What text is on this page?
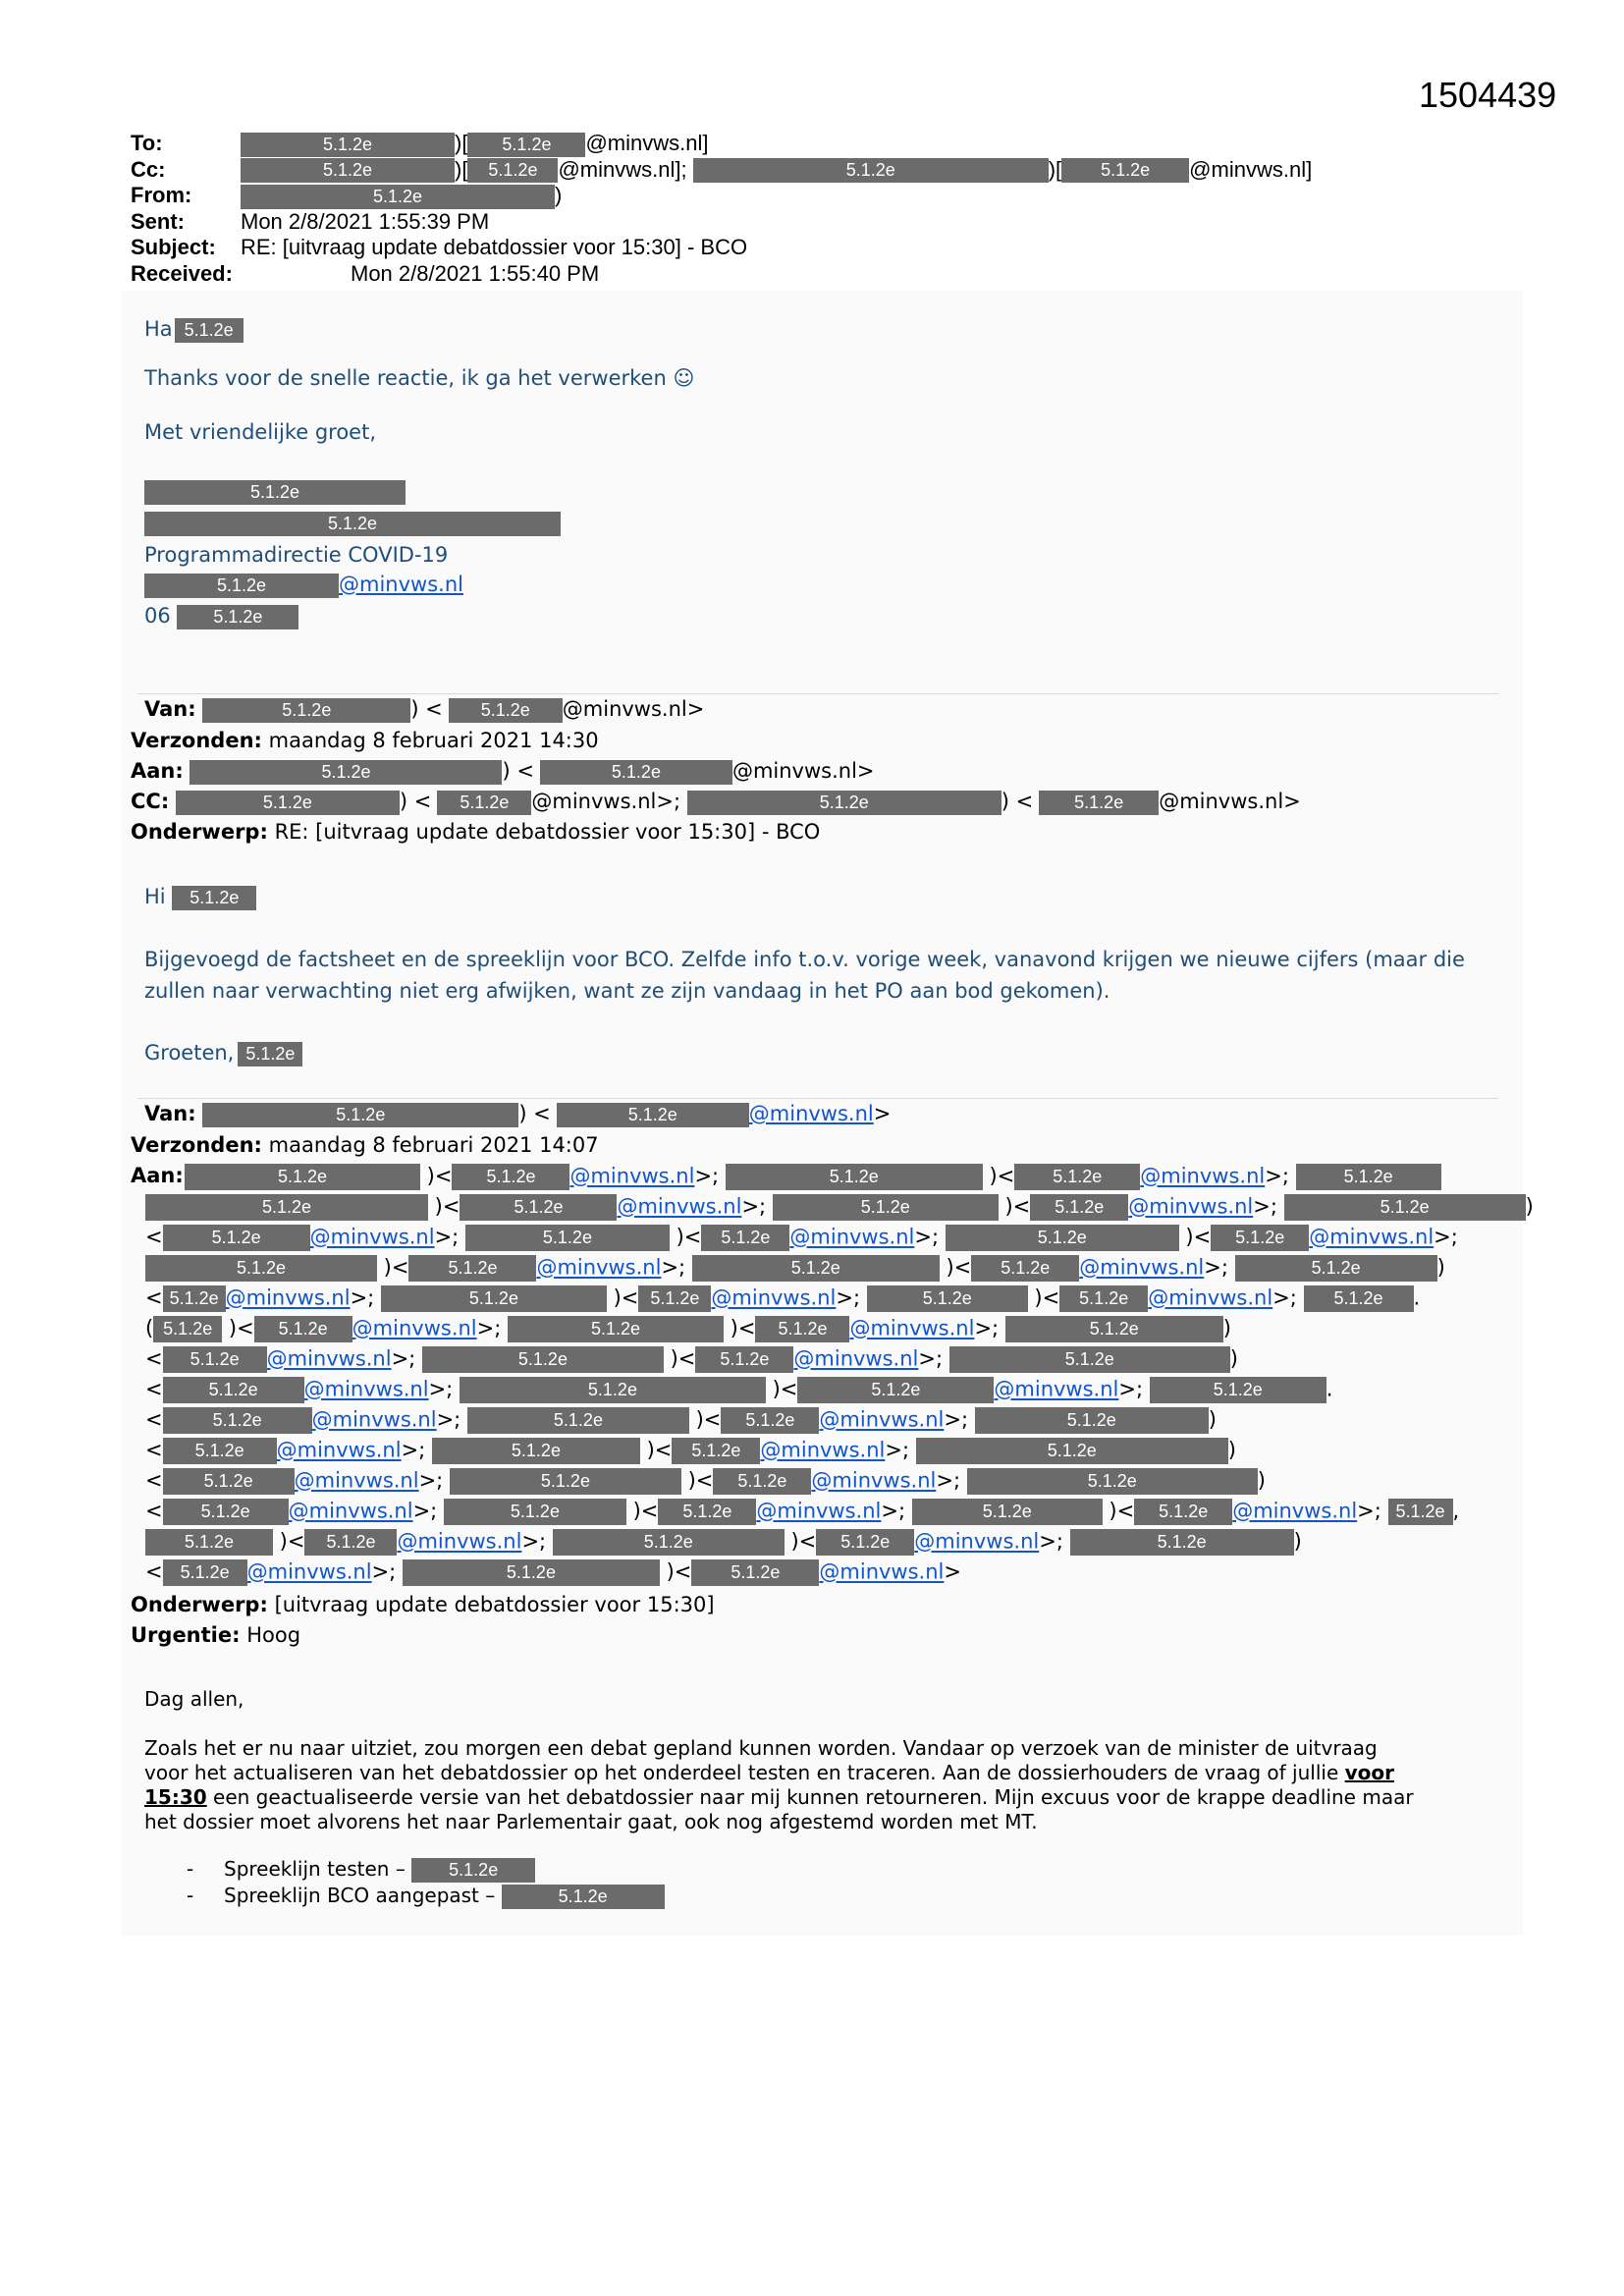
1504439
To:	5.1.2e	)[ 5.1.2e @minvws.nl]
Cc:	5.1.2e	)[ 5.1.2e @minvws.nl];	5.1.2e	)[ 5.1.2e @minvws.nl]
From:	5.1.2e	)
Sent:	Mon 2/8/2021 1:55:39 PM
Subject: RE: [uitvraag update debatdossier voor 15:30] - BCO
Received:	Mon 2/8/2021 1:55:40 PM
Ha 5.1.2e
Thanks voor de snelle reactie, ik ga het verwerken ☺
Met vriendelijke groet,
5.1.2e
5.1.2e
Programmadirectie COVID-19
5.1.2e	@minvws.nl
06 5.1.2e
Van:	5.1.2e	) < 5.1.2e @minvws.nl>
Verzonden: maandag 8 februari 2021 14:30
Aan:	5.1.2e	) <	5.1.2e	@minvws.nl>
CC:	5.1.2e	) < 5.1.2e @minvws.nl>;	5.1.2e	) < 5.1.2e @minvws.nl>
Onderwerp: RE: [uitvraag update debatdossier voor 15:30] - BCO
Hi 5.1.2e
Bijgevoegd de factsheet en de spreeklijn voor BCO. Zelfde info t.o.v. vorige week, vanavond krijgen we nieuwe cijfers (maar die
zullen naar verwachting niet erg afwijken, want ze zijn vandaag in het PO aan bod gekomen).
Groeten, 5.1.2e
Van:	5.1.2e	) <	5.1.2e	@minvws.nl>
Verzonden: maandag 8 februari 2021 14:07
Aan:	5.1.2e	)< 5.1.2e @minvws.nl>;	5.1.2e	)< 5.1.2e @minvws.nl>;	5.1.2e
5.1.2e	)<	5.1.2e	@minvws.nl>;	5.1.2e	)< 5.1.2e @minvws.nl>;	5.1.2e	)
<	5.1.2e @minvws.nl>;	5.1.2e	)< 5.1.2e @minvws.nl>;	5.1.2e	)< 5.1.2e @minvws.nl>;
5.1.2e	)< 5.1.2e @minvws.nl>;	5.1.2e	)< 5.1.2e @minvws.nl>;	5.1.2e	)
< 5.1.2e @minvws.nl>;	5.1.2e	)< 5.1.2e @minvws.nl>;	5.1.2e	)< 5.1.2e @minvws.nl>; 5.1.2e .
( 5.1.2e )< 5.1.2e @minvws.nl>;	5.1.2e	)< 5.1.2e @minvws.nl>;	5.1.2e	)
< 5.1.2e @minvws.nl>;	5.1.2e	)< 5.1.2e @minvws.nl>;	5.1.2e	)
<	5.1.2e @minvws.nl>;	5.1.2e	)<	5.1.2e	@minvws.nl>;	5.1.2e	.
<	5.1.2e @minvws.nl>;	5.1.2e	)< 5.1.2e @minvws.nl>;	5.1.2e	)
< 5.1.2e @minvws.nl>;	5.1.2e	)< 5.1.2e @minvws.nl>;	5.1.2e	)
< 5.1.2e @minvws.nl>;	5.1.2e	)< 5.1.2e @minvws.nl>;	5.1.2e	)
< 5.1.2e @minvws.nl>;	5.1.2e	)< 5.1.2e @minvws.nl>;	5.1.2e	)< 5.1.2e @minvws.nl>; 5.1.2e ,
5.1.2e )< 5.1.2e @minvws.nl>;	5.1.2e	)< 5.1.2e @minvws.nl>;	5.1.2e	)
< 5.1.2e @minvws.nl>;	5.1.2e	)< 5.1.2e @minvws.nl>
Onderwerp: [uitvraag update debatdossier voor 15:30]
Urgentie: Hoog
Dag allen,
Zoals het er nu naar uitziet, zou morgen een debat gepland kunnen worden. Vandaar op verzoek van de minister de uitvraag
voor het actualiseren van het debatdossier op het onderdeel testen en traceren. Aan de dossierhouders de vraag of jullie voor
15:30 een geactualiseerde versie van het debatdossier naar mij kunnen retourneren. Mijn excuus voor de krappe deadline maar
het dossier moet alvorens het naar Parlementair gaat, ook nog afgestemd worden met MT.
- Spreeklijn testen – 5.1.2e
- Spreeklijn BCO aangepast –	5.1.2e
